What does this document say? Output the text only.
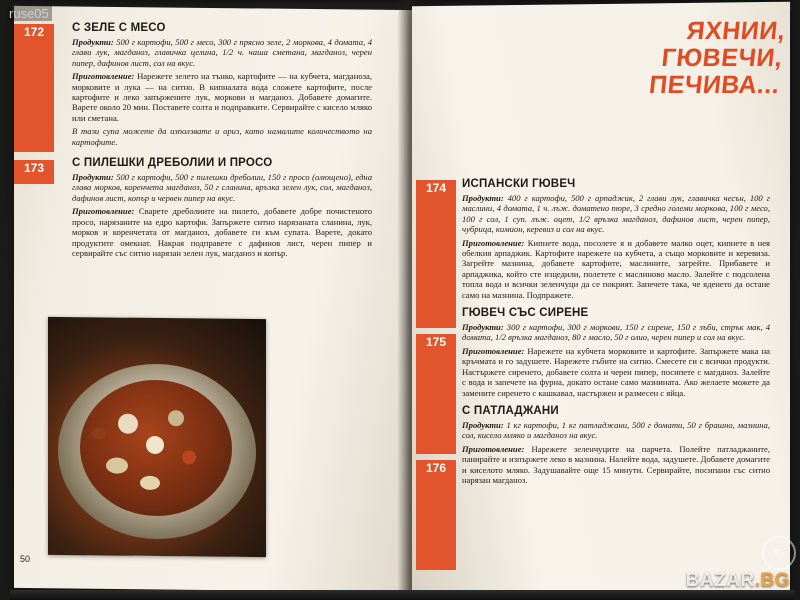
172
173
С ЗЕЛЕ С МЕСО

Продукти: 500 г картофи, 500 г месо, 300 г прясно зеле, 2 моркова, 4 домата, 4 глави лук, магданоз, главичка целина, 1/2 ч. чаша сметана, магданоз, черен пипер, дафинов лист, сол на вкус.

Приготовление: Нарежете зелето на тънко, картофите — на кубчета, магданоза, морковите и лука — на ситно. В кипналата вода сложете картофите, после картофите и леко запържените лук, моркови и магданоз. Добавете домагите. Варете около 20 мин. Поставете солта и подправките. Сервирайте с кисело мляко или сметана.

В тази супа можете да използвате и ориз, като намалите количеството на картофите.

С ПИЛЕШКИ ДРЕБОЛИИ И ПРОСО

Продукти: 500 г картофи, 500 г пилешки дреболии, 150 г просо (олющено), една глава морков, коренчета магданоз, 50 г сланина, връзка зелен лук, сол, магданоз, дафинов лист, копър и червен пипер на вкус.

Приготовление: Сварете дреболиите на пилето, добавете добре почистеното просо, нарязаните на едро картофи. Запържете ситно нарязаната сланина, лук, морков и коренчетата от магданоз, добавете ги към супата. Варете, докато продуктите омекнат. Накрая подправете с дафинов лист, черен пипер и сервирайте със ситно нарязан зелен лук, магданоз и копър.

50
ЯХНИИ,
ГЮВЕЧИ,
ПЕЧИВА...
174
175
176
ИСПАНСКИ ГЮВЕЧ

Продукти: 400 г картофи, 500 г арпаджик, 2 глави лук, главичка чесън, 100 г маслини, 4 домата, 1 ч. лъж. доматено пюре, 3 средно големи моркова, 100 г месо, 100 г сол, 1 суп. лъж. оцет, 1/2 връзка магданоз, дафинов лист, черен пипер, чубрица, кимион, керевиз и сол на вкус.

Приготовление: Кипнете вода, посолете я и добавете малко оцет, кипнете в нея обелкия арпаджик. Картофите нарежете на кубчета, а също морковите и керевиза. Загрейте мазнина, добавете картофите, маслините, загрейте. Прибавете и арпаджика, който сте изцедили, полетете с маслиново масло. Залейте с подсолена топла вода и всички зеленчуци да се покрият. Запечете така, че яденето да остане само на мазнина. Подпражете.

ГЮВЕЧ СЪС СИРЕНЕ

Продукти: 300 г картофи, 300 г моркови, 150 г сирене, 150 г зъби, стрък мак, 4 домата, 1/2 връзка магданоз, 80 г масло, 50 г олио, черен пипер и сол на вкус.

Приготовление: Нарежете на кубчета морковите и картофите. Запържете мака на кръчмата и го задушете. Нарежете гъбите на ситно. Смесете ги с всички продукти. Настържете сиренето, добавете солта и черен пипер, посипете с магданоз. Залейте с вода и запечете на фурна, докато остане само мазнината. Ако желаете можете да замените сиренето с кашкавал, настържен и размесен с яйца.

С ПАТЛАДЖАНИ

Продукти: 1 кг картофи, 1 кг патладжани, 500 г домати, 50 г брашно, мазнина, сол, кисело мляко и магданоз на вкус.

Приготовление: Нарежете зеленчуците на парчета. Полейте патладжаните, панирайте и изпържете леко в мазнина. Налейте вода, задушете. Добавете домагите и киселото мляко. Задушавайте още 15 минути. Сервирайте, посипани със ситно нарязан магданоз.

ruse05
BG
BAZAR.BG
